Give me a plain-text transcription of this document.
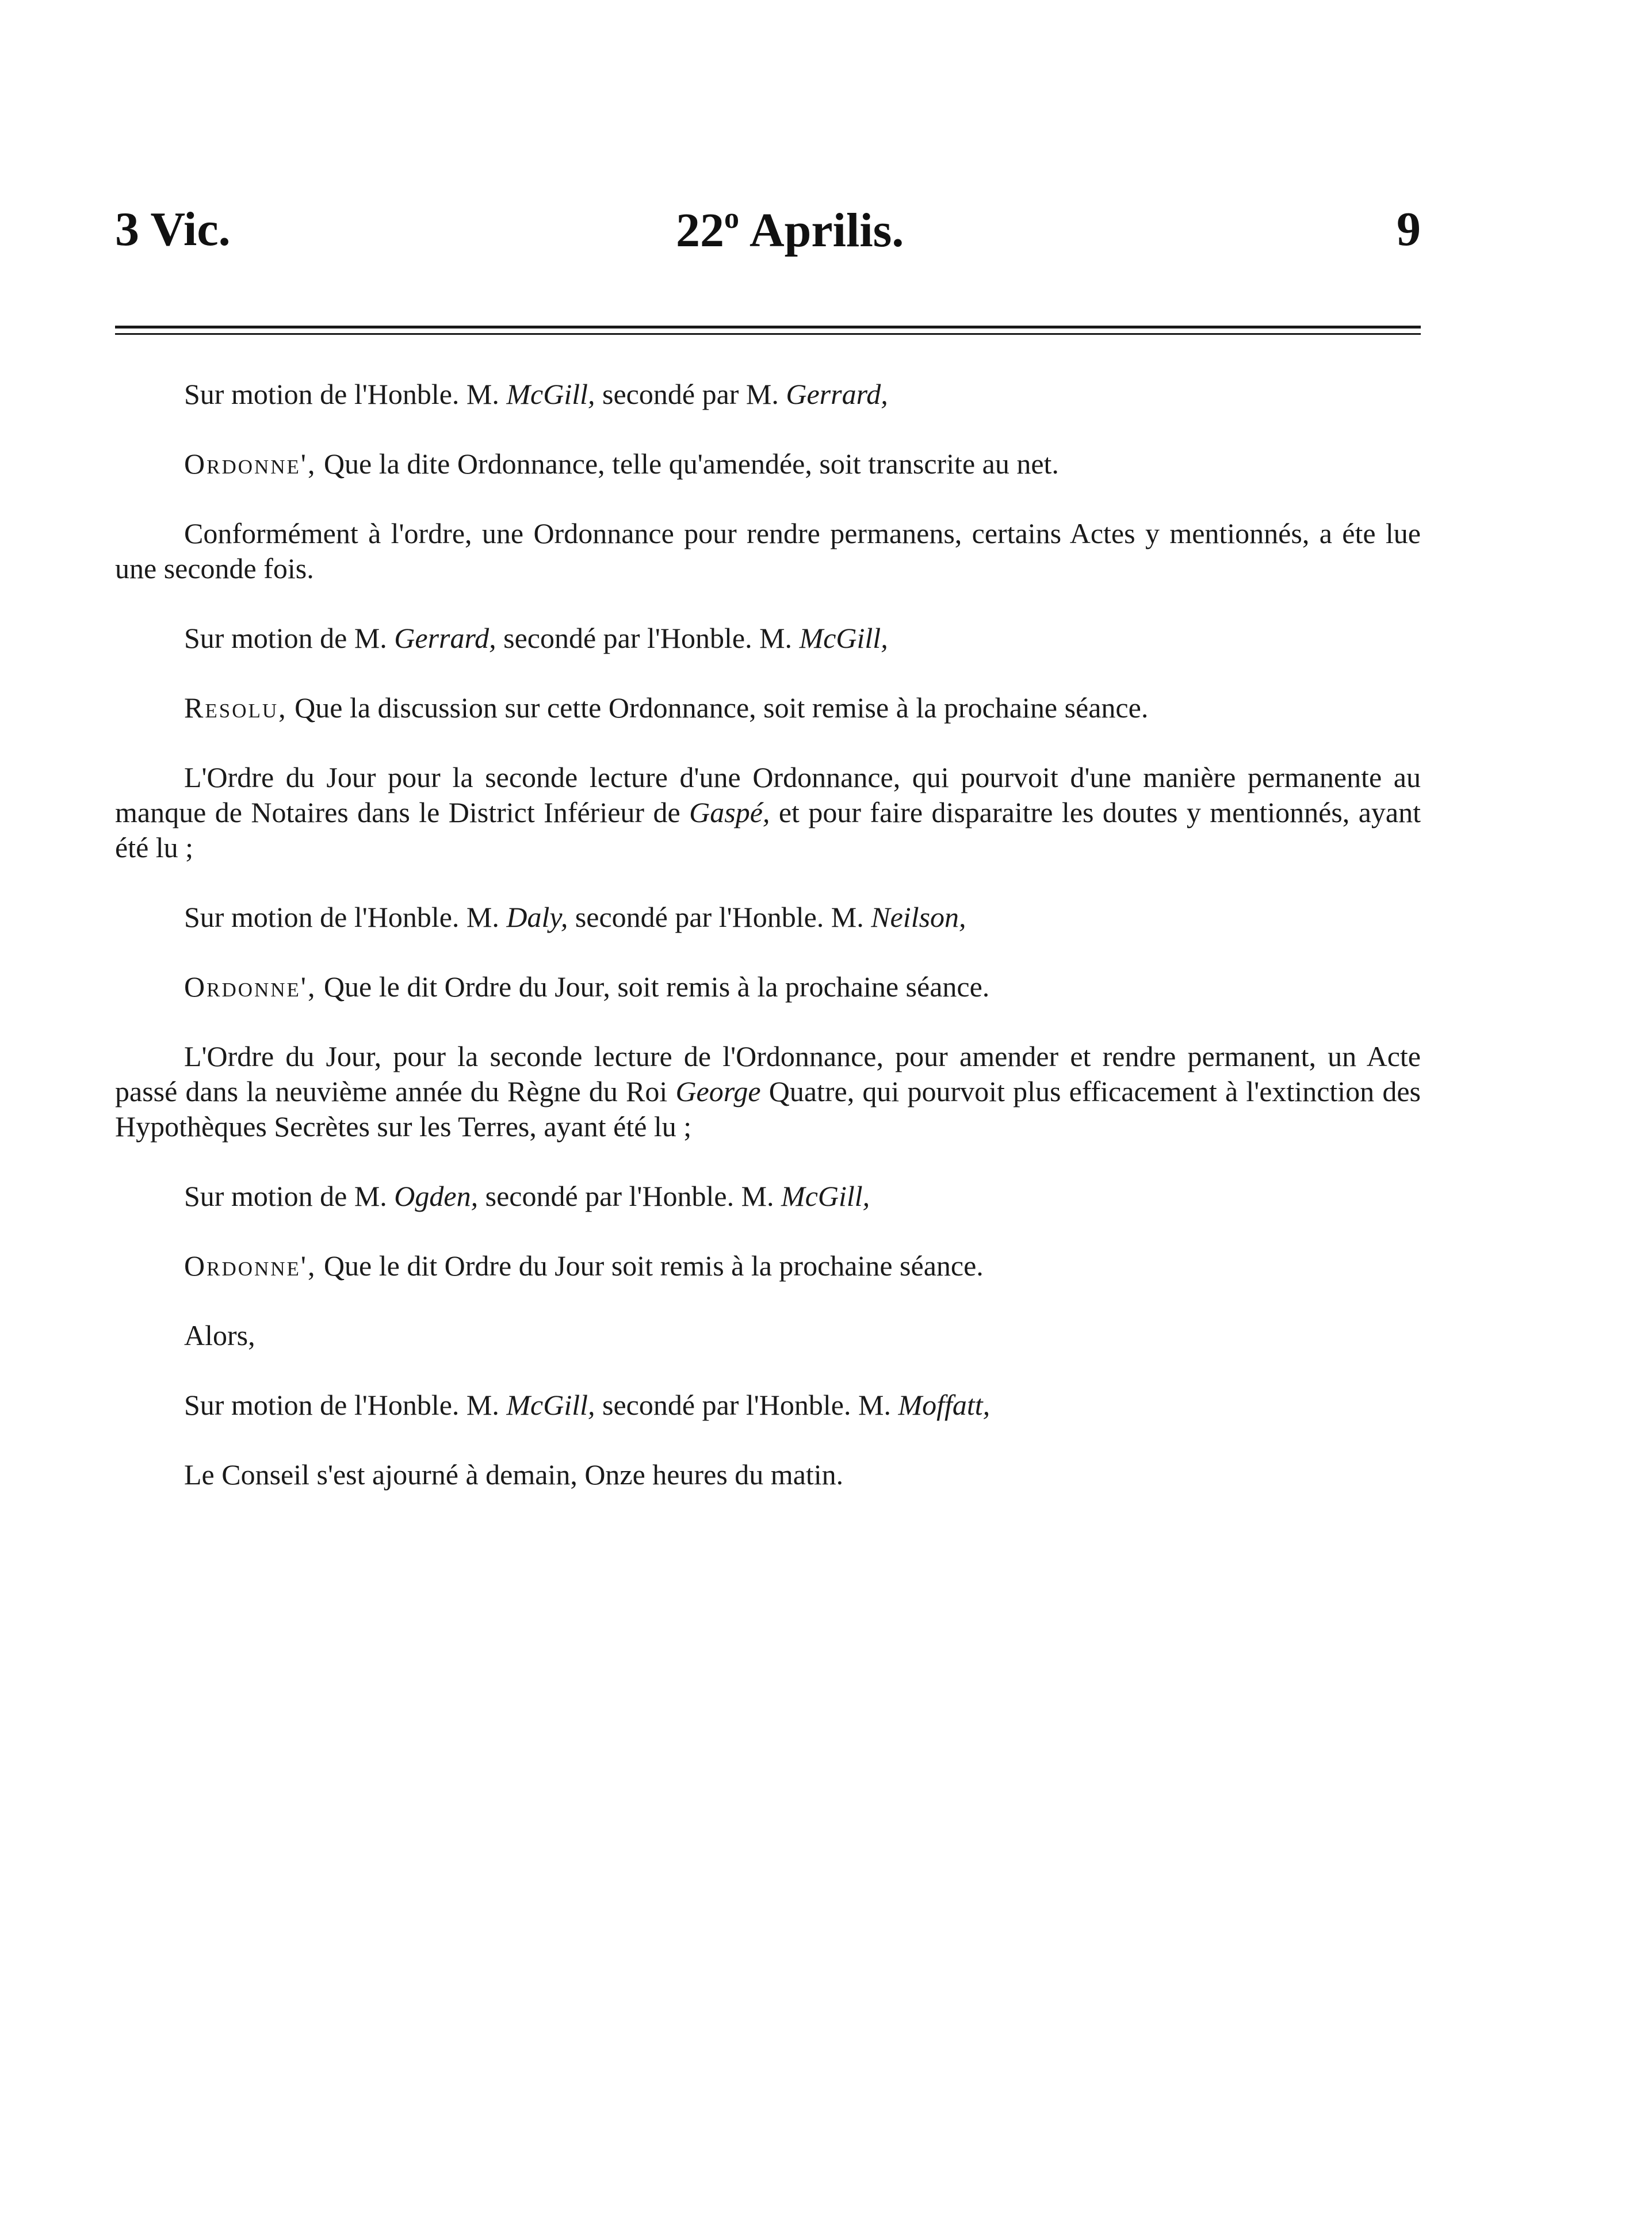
3 Vic.	22$^o$ Aprilis.	9

Sur motion de l'Honble. M. McGill, secondé par M. Gerrard,

Ordonne', Que la dite Ordonnance, telle qu'amendée, soit transcrite au net.

Conformément à l'ordre, une Ordonnance pour rendre permanens, certains Actes y mentionnés, a éte lue une seconde fois.

Sur motion de M. Gerrard, secondé par l'Honble. M. McGill,

Resolu, Que la discussion sur cette Ordonnance, soit remise à la prochaine séance.

L'Ordre du Jour pour la seconde lecture d'une Ordonnance, qui pourvoit d'une manière permanente au manque de Notaires dans le District Inférieur de Gaspé, et pour faire disparaitre les doutes y mentionnés, ayant été lu ;

Sur motion de l'Honble. M. Daly, secondé par l'Honble. M. Neilson,

Ordonne', Que le dit Ordre du Jour, soit remis à la prochaine séance.

L'Ordre du Jour, pour la seconde lecture de l'Ordonnance, pour amender et rendre permanent, un Acte passé dans la neuvième année du Règne du Roi George Quatre, qui pourvoit plus efficacement à l'extinction des Hypothèques Secrètes sur les Terres, ayant été lu ;

Sur motion de M. Ogden, secondé par l'Honble. M. McGill,

Ordonne', Que le dit Ordre du Jour soit remis à la prochaine séance.

Alors,

Sur motion de l'Honble. M. McGill, secondé par l'Honble. M. Moffatt,

Le Conseil s'est ajourné à demain, Onze heures du matin.
